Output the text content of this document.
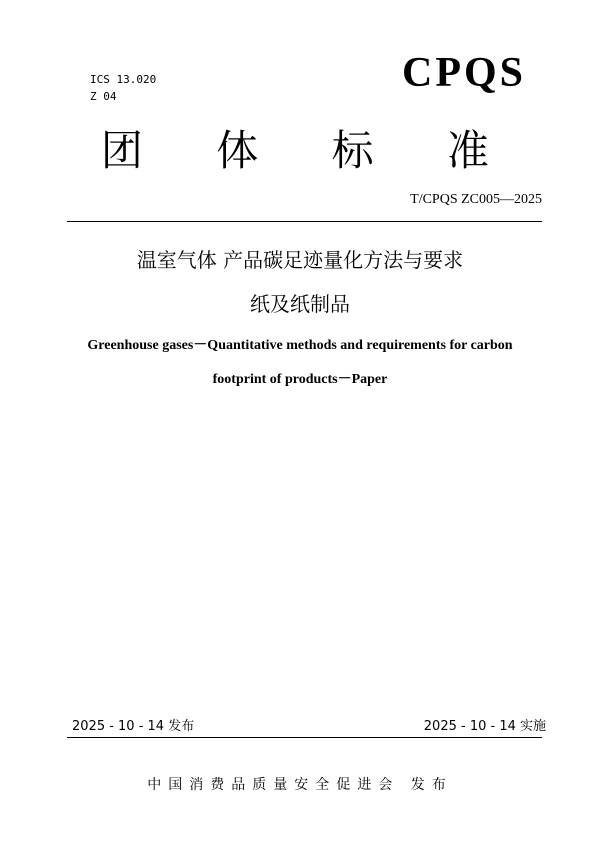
ICS 13.020
Z 04
CPQS
团 体 标 准
T/CPQS ZC005—2025
温室气体 产品碳足迹量化方法与要求
纸及纸制品
Greenhouse gases－Quantitative methods and requirements for carbon
footprint of products－Paper
2025 - 10 - 14 发布	2025 - 10 - 14 实施
中国消费品质量安全促进会 发布
